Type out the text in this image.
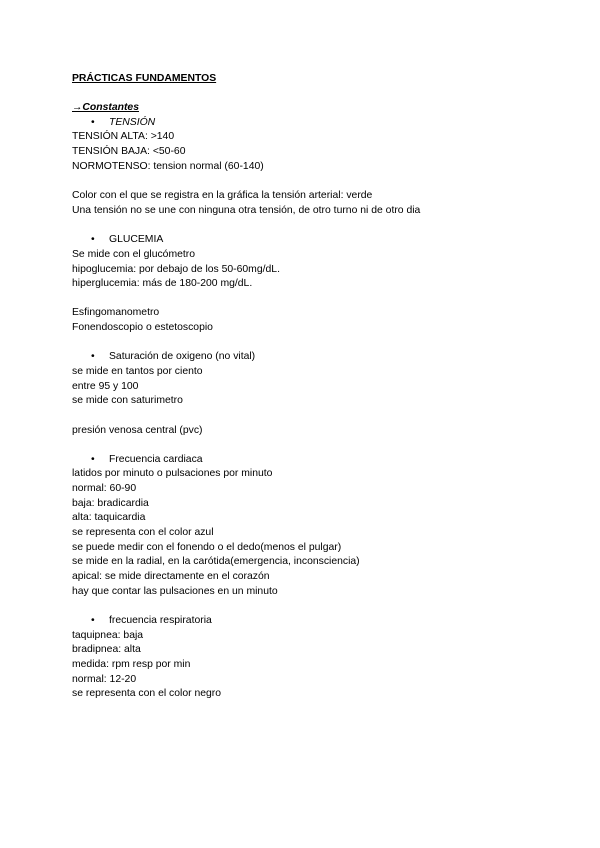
PRÁCTICAS FUNDAMENTOS
→Constantes
• TENSIÓN
TENSIÓN ALTA: >140
TENSIÓN BAJA: <50-60
NORMOTENSO: tension normal (60-140)
Color con el que se registra en la gráfica la tensión arterial: verde
Una tensión no se une con ninguna otra tensión, de otro turno ni de otro dia
• GLUCEMIA
Se mide con el glucómetro
hipoglucemia: por debajo de los 50-60mg/dL.
hiperglucemia: más de 180-200 mg/dL.
Esfingomanometro
Fonendoscopio o estetoscopio
• Saturación de oxigeno (no vital)
se mide en tantos por ciento
entre 95 y 100
se mide con saturimetro
presión venosa central (pvc)
• Frecuencia cardiaca
latidos por minuto o pulsaciones por minuto
normal: 60-90
baja: bradicardia
alta: taquicardia
se representa con el color azul
se puede medir con el fonendo o el dedo(menos el pulgar)
se mide en la radial, en la carótida(emergencia, inconsciencia)
apical: se mide directamente en el corazón
hay que contar las pulsaciones en un minuto
• frecuencia respiratoria
taquipnea: baja
bradipnea: alta
medida: rpm resp por min
normal: 12-20
se representa con el color negro
